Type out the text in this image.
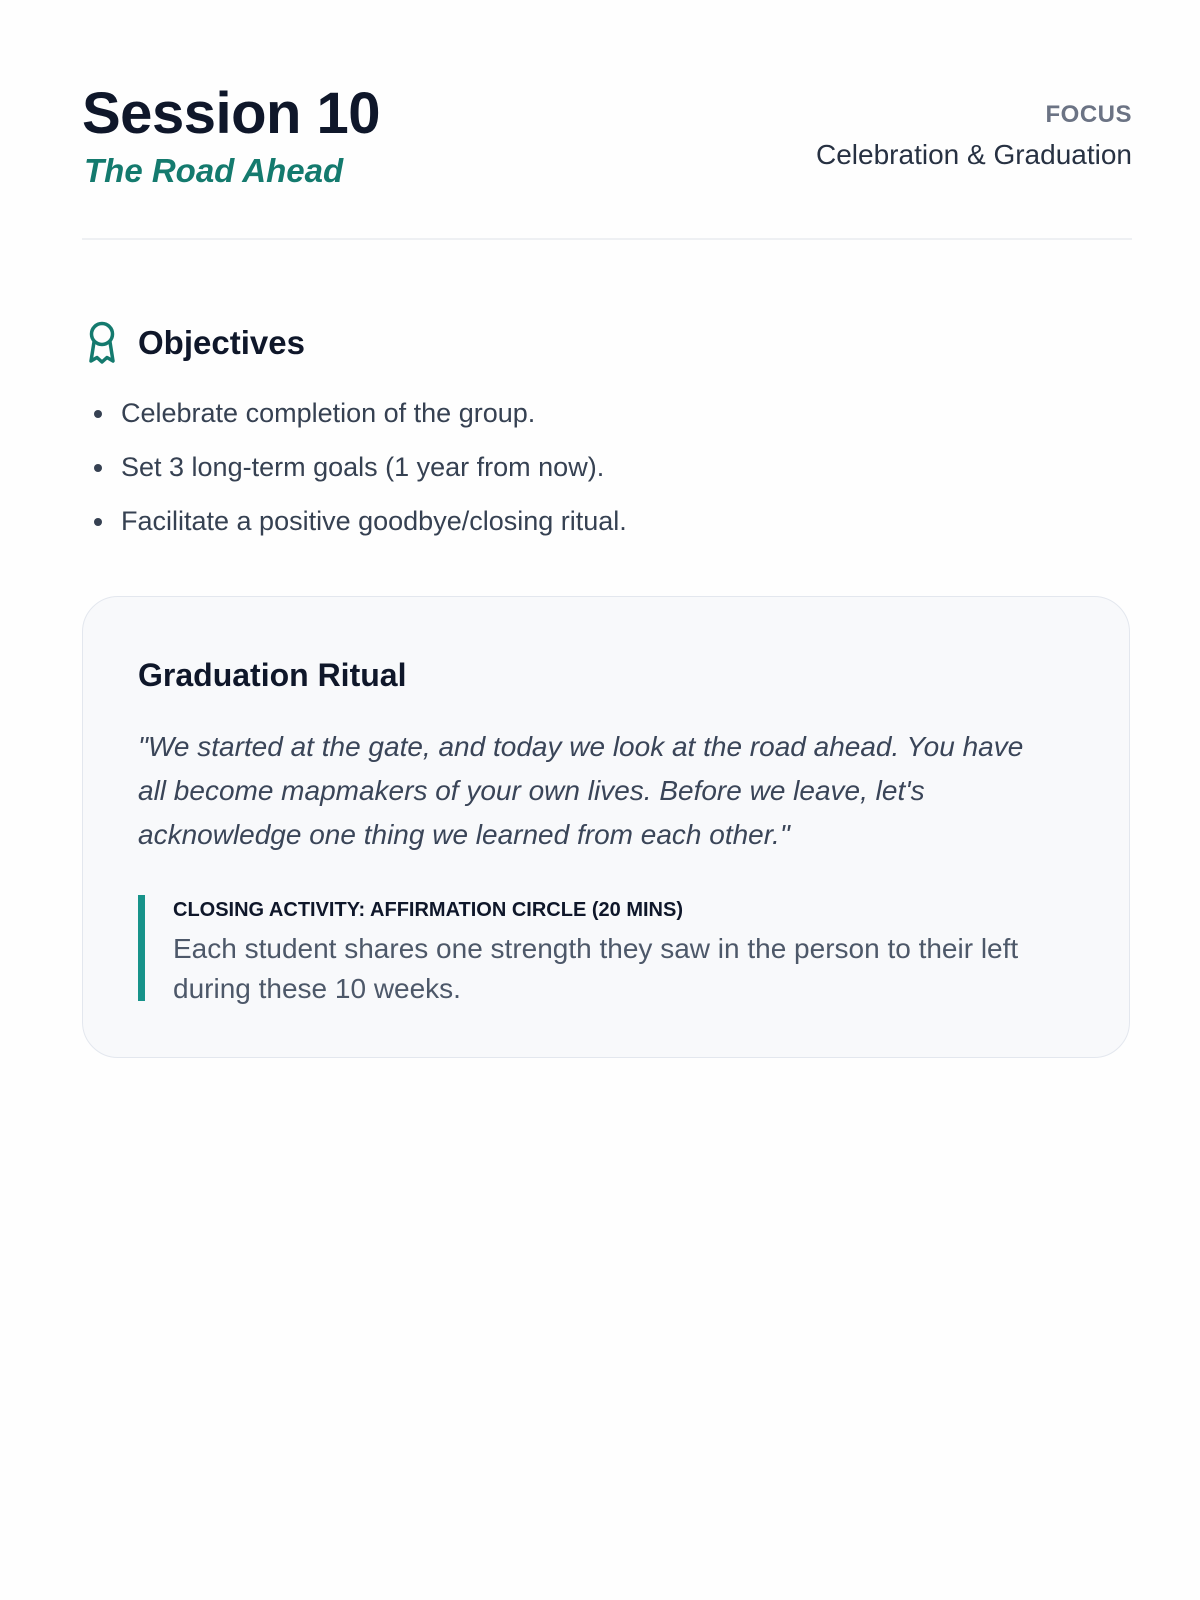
Session 10
The Road Ahead
FOCUS
Celebration & Graduation
Objectives
Celebrate completion of the group.
Set 3 long-term goals (1 year from now).
Facilitate a positive goodbye/closing ritual.
Graduation Ritual

"We started at the gate, and today we look at the road ahead. You have all become mapmakers of your own lives. Before we leave, let's acknowledge one thing we learned from each other."

CLOSING ACTIVITY: AFFIRMATION CIRCLE (20 MINS)
Each student shares one strength they saw in the person to their left during these 10 weeks.
